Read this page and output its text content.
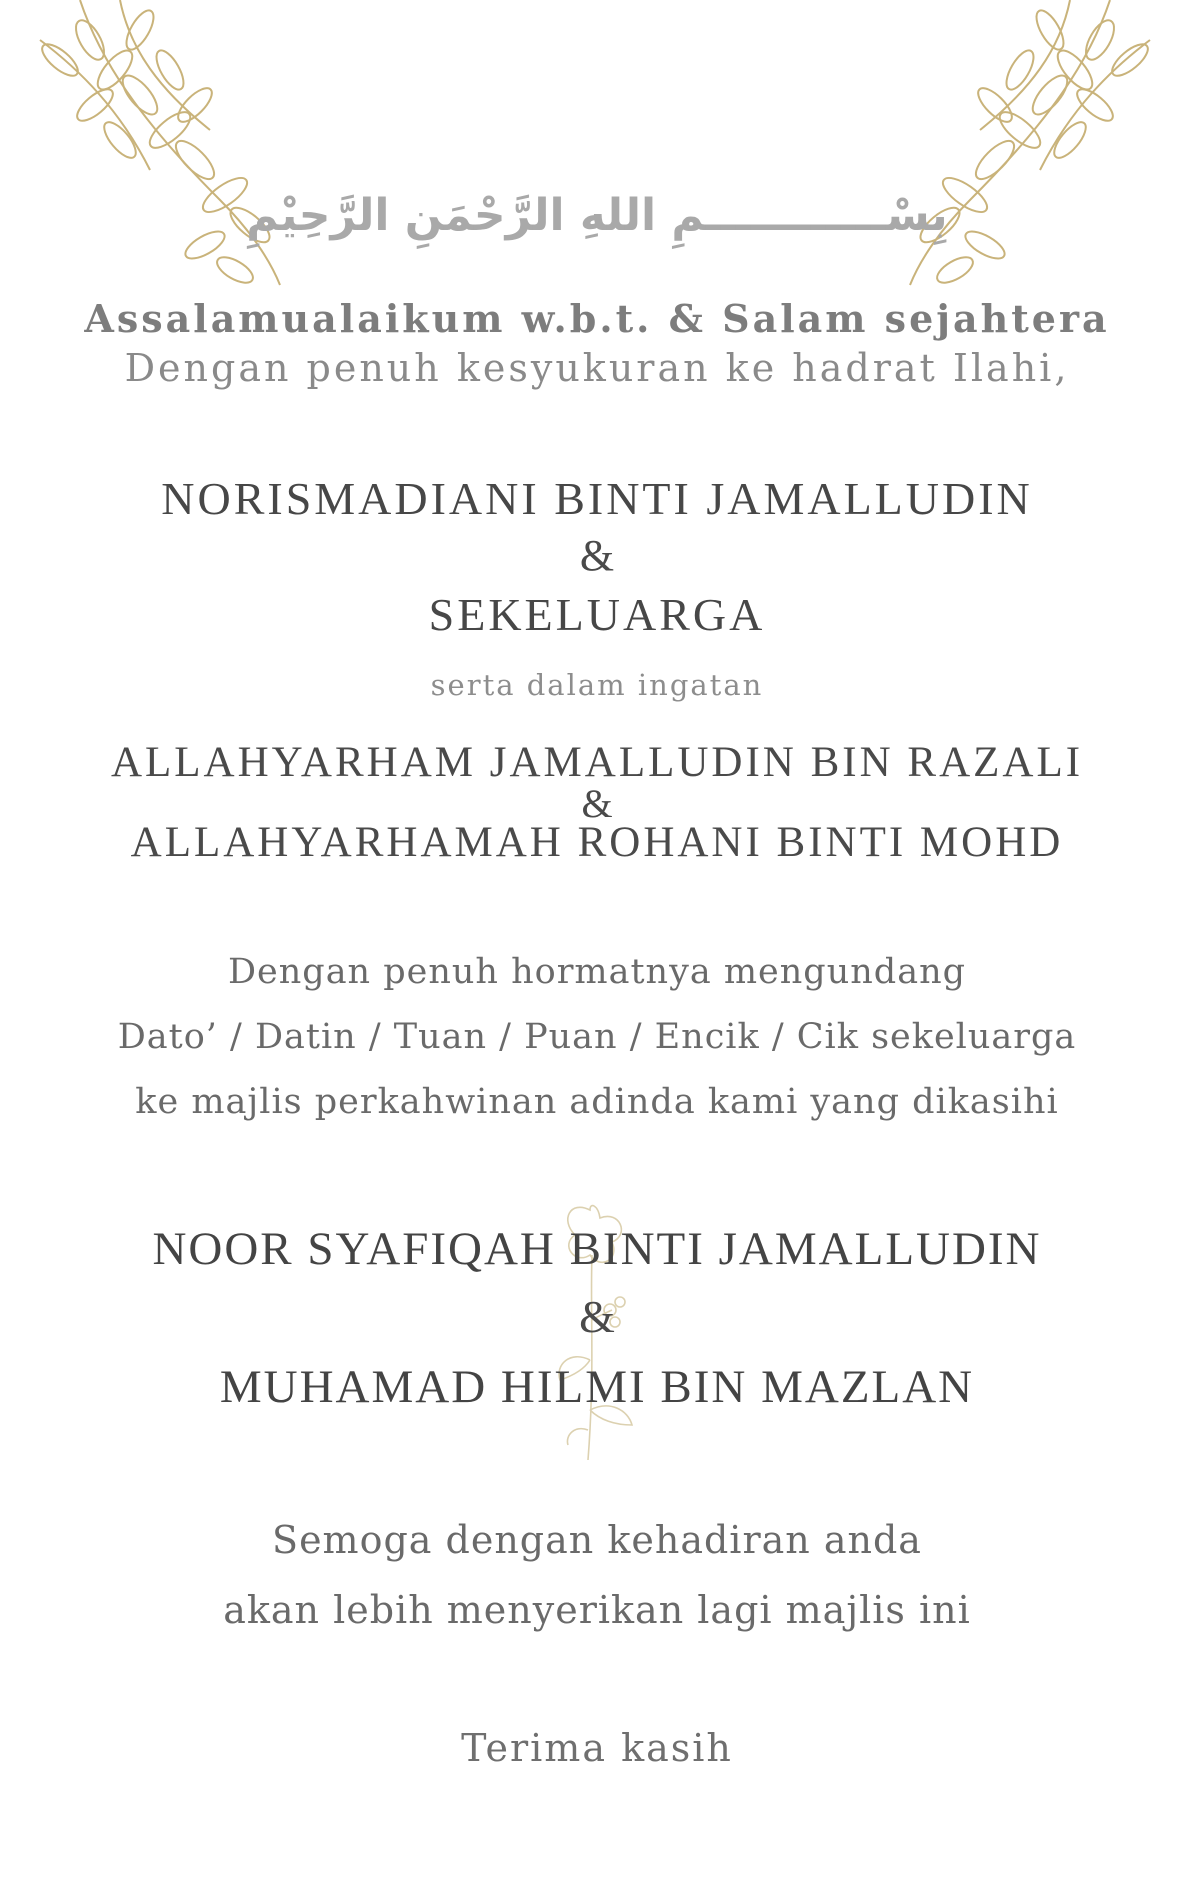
بِسْــــــــــــمِ اللهِ الرَّحْمَنِ الرَّحِيْمِ
Assalamualaikum w.b.t. & Salam sejahtera
Dengan penuh kesyukuran ke hadrat Ilahi,
NORISMADIANI BINTI JAMALLUDIN
&
SEKELUARGA
serta dalam ingatan
ALLAHYARHAM JAMALLUDIN BIN RAZALI
&
ALLAHYARHAMAH ROHANI BINTI MOHD
Dengan penuh hormatnya mengundang
Dato’ / Datin / Tuan / Puan / Encik / Cik sekeluarga
ke majlis perkahwinan adinda kami yang dikasihi
NOOR SYAFIQAH BINTI JAMALLUDIN
&
MUHAMAD HILMI BIN MAZLAN
Semoga dengan kehadiran anda
akan lebih menyerikan lagi majlis ini
Terima kasih
